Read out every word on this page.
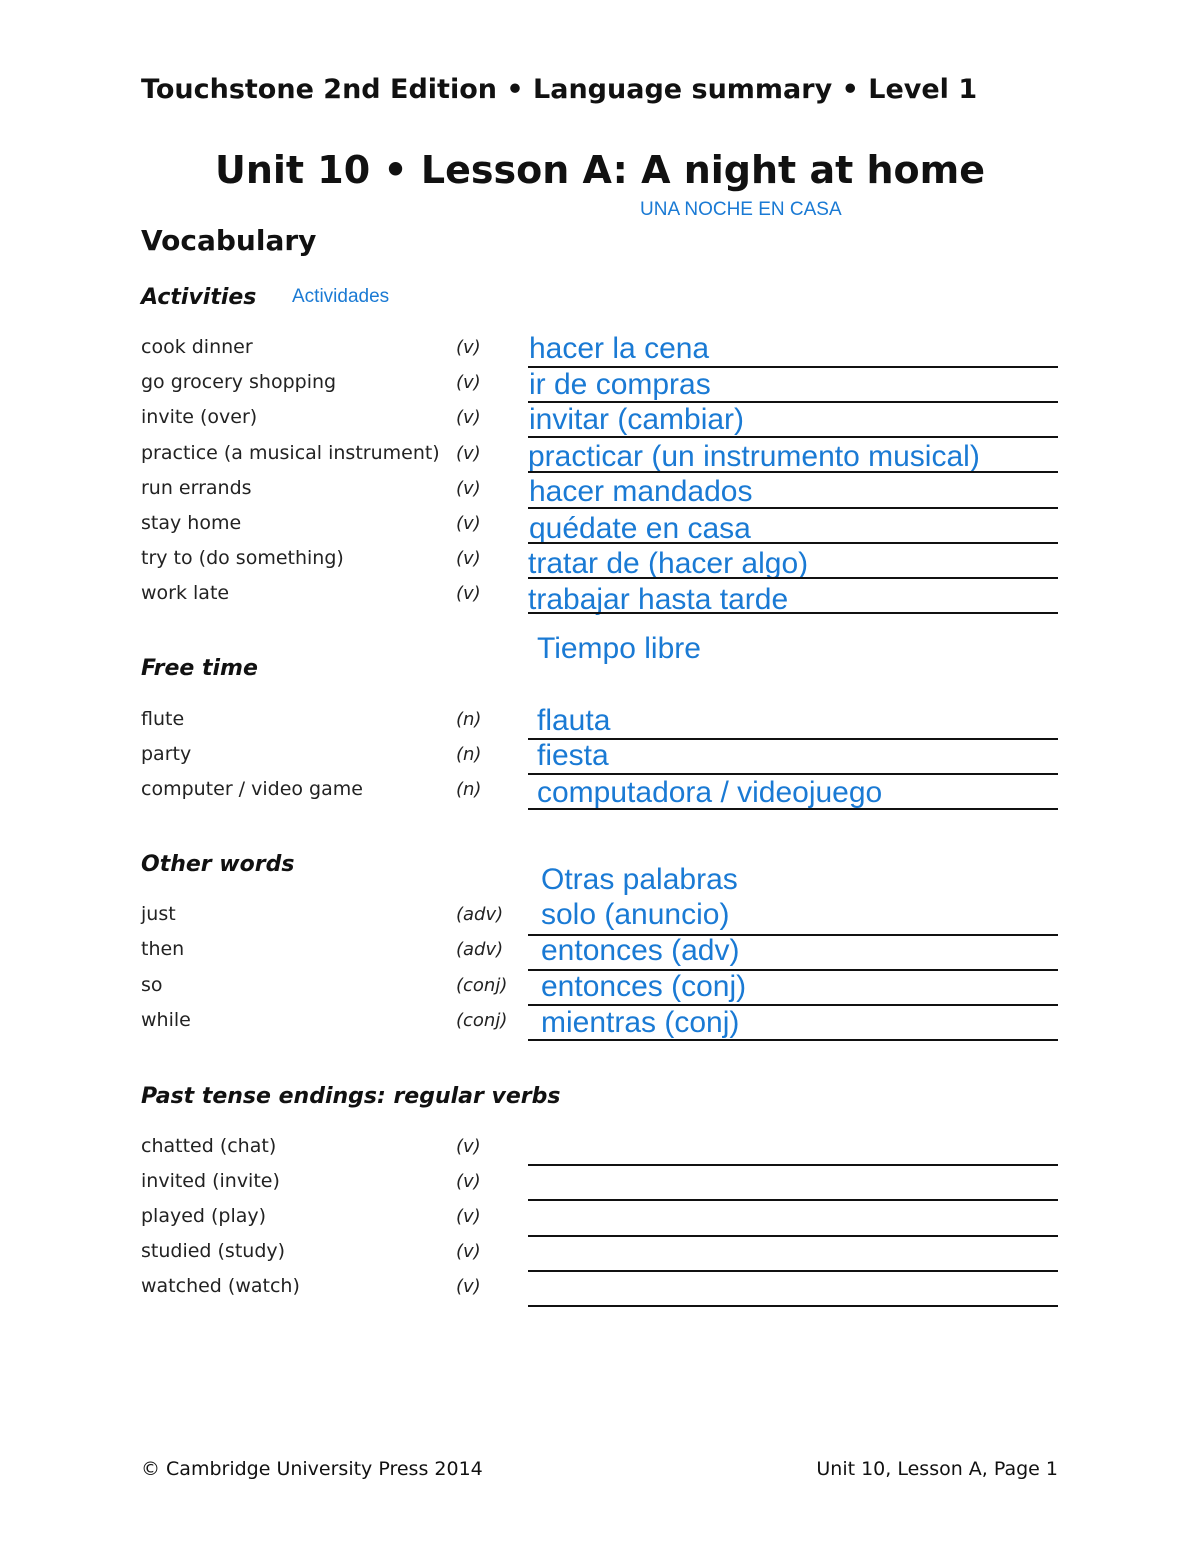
Touchstone 2nd Edition • Language summary • Level 1
Unit 10 • Lesson A: A night at home
UNA NOCHE EN CASA
Vocabulary
Activities Actividades
cook dinner	(v) hacer la cena
go grocery shopping	(v) ir de compras
invite (over)	(v) invitar (cambiar)
practice (a musical instrument) (v) practicar (un instrumento musical)
run errands	(v) hacer mandados
stay home	(v) quédate en casa
try to (do something)	(v) tratar de (hacer algo)
work late	(v) trabajar hasta tarde
Tiempo libre
Free time
flute	(n) flauta
party	(n) fiesta
computer / video game	(n) computadora / videojuego
Other words	Otras palabras
just	(adv) solo (anuncio)
then	(adv) entonces (adv)
so	(conj) entonces (conj)
while	(conj) mientras (conj)
Past tense endings: regular verbs
chatted (chat)	(v)
invited (invite)	(v)
played (play)	(v)
studied (study)	(v)
watched (watch)	(v)
© Cambridge University Press 2014	Unit 10, Lesson A, Page 1
